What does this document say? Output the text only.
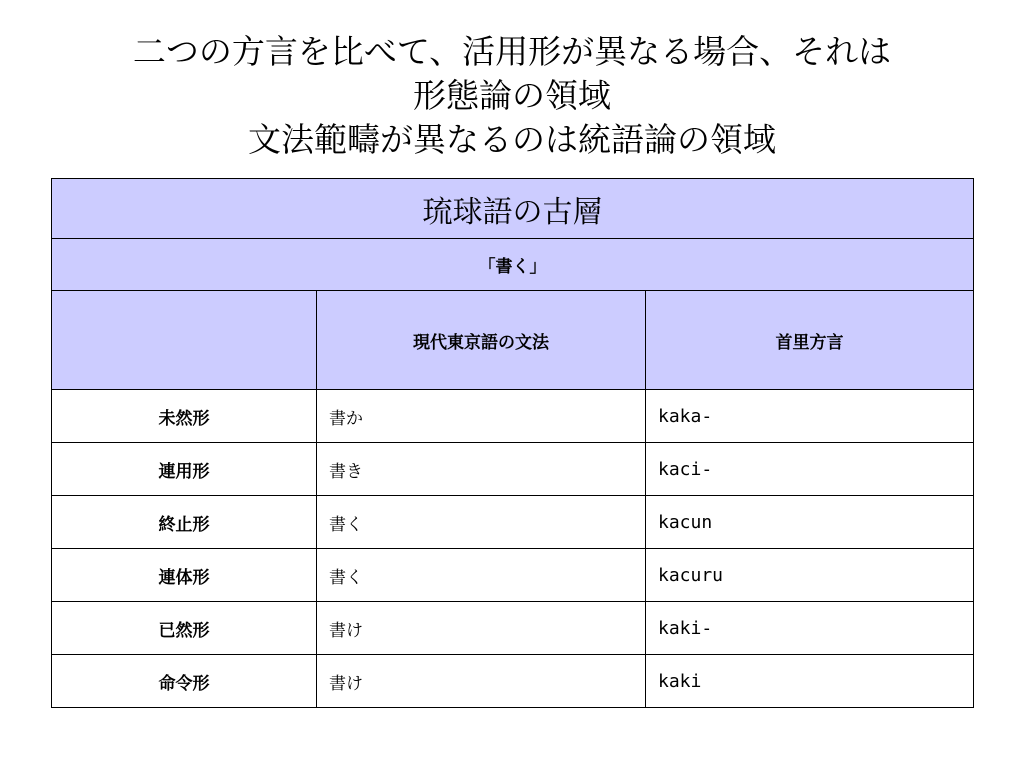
二つの方言を比べて、活用形が異なる場合、それは
形態論の領域
文法範疇が異なるのは統語論の領域
琉球語の古層		
「書く」		
	現代東京語の文法	首里方言
未然形	書か	kaka-
連用形	書き	kaci-
終止形	書く	kacun
連体形	書く	kacuru
已然形	書け	kaki-
命令形	書け	kaki
